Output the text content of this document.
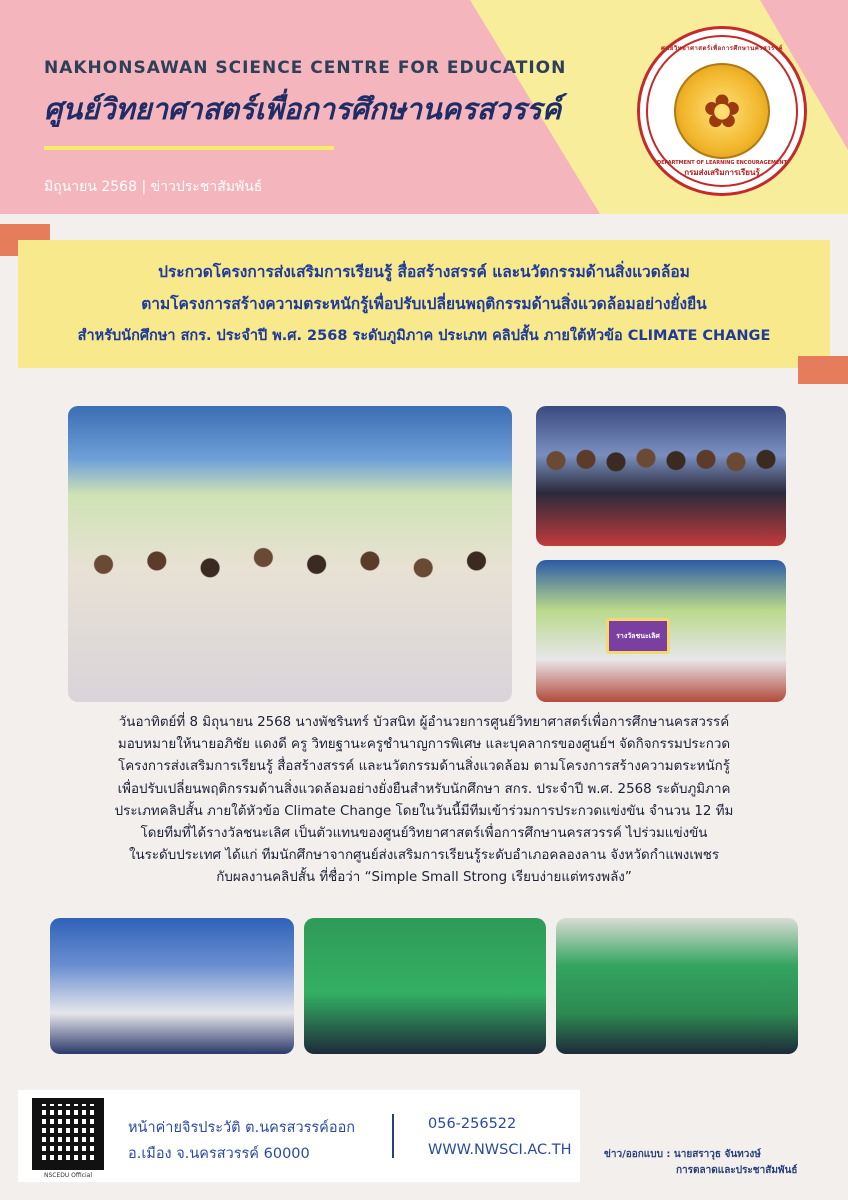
NAKHONSAWAN SCIENCE CENTRE FOR EDUCATION
ศูนย์วิทยาศาสตร์เพื่อการศึกษานครสวรรค์
มิถุนายน 2568 | ข่าวประชาสัมพันธ์
ศูนย์วิทยาศาสตร์เพื่อการศึกษานครสวรรค์
✿
DEPARTMENT OF LEARNING ENCOURAGEMENT
กรมส่งเสริมการเรียนรู้
ประกวดโครงการส่งเสริมการเรียนรู้ สื่อสร้างสรรค์ และนวัตกรรมด้านสิ่งแวดล้อม
ตามโครงการสร้างความตระหนักรู้เพื่อปรับเปลี่ยนพฤติกรรมด้านสิ่งแวดล้อมอย่างยั่งยืน
สำหรับนักศึกษา สกร. ประจำปี พ.ศ. 2568 ระดับภูมิภาค ประเภท คลิปสั้น ภายใต้หัวข้อ CLIMATE CHANGE
รางวัลชนะเลิศ
วันอาทิตย์ที่ 8 มิถุนายน 2568 นางพัชรินทร์ บัวสนิท ผู้อำนวยการศูนย์วิทยาศาสตร์เพื่อการศึกษานครสวรรค์
มอบหมายให้นายอภิชัย แดงดี ครู วิทยฐานะครูชำนาญการพิเศษ และบุคลากรของศูนย์ฯ จัดกิจกรรมประกวด
โครงการส่งเสริมการเรียนรู้ สื่อสร้างสรรค์ และนวัตกรรมด้านสิ่งแวดล้อม ตามโครงการสร้างความตระหนักรู้
เพื่อปรับเปลี่ยนพฤติกรรมด้านสิ่งแวดล้อมอย่างยั่งยืนสำหรับนักศึกษา สกร. ประจำปี พ.ศ. 2568 ระดับภูมิภาค
ประเภทคลิปสั้น ภายใต้หัวข้อ Climate Change โดยในวันนี้มีทีมเข้าร่วมการประกวดแข่งขัน จำนวน 12 ทีม
โดยทีมที่ได้รางวัลชนะเลิศ เป็นตัวแทนของศูนย์วิทยาศาสตร์เพื่อการศึกษานครสวรรค์ ไปร่วมแข่งขัน
ในระดับประเทศ ได้แก่ ทีมนักศึกษาจากศูนย์ส่งเสริมการเรียนรู้ระดับอำเภอคลองลาน จังหวัดกำแพงเพชร
กับผลงานคลิปสั้น ที่ชื่อว่า “Simple Small Strong เรียบง่ายแต่ทรงพลัง”
NSCEDU Official
หน้าค่ายจิรประวัติ ต.นครสวรรค์ออก
อ.เมือง จ.นครสวรรค์ 60000
056-256522
WWW.NWSCI.AC.TH	ข่าว/ออกแบบ : นายสราวุธ จันทวงษ์
การตลาดและประชาสัมพันธ์
